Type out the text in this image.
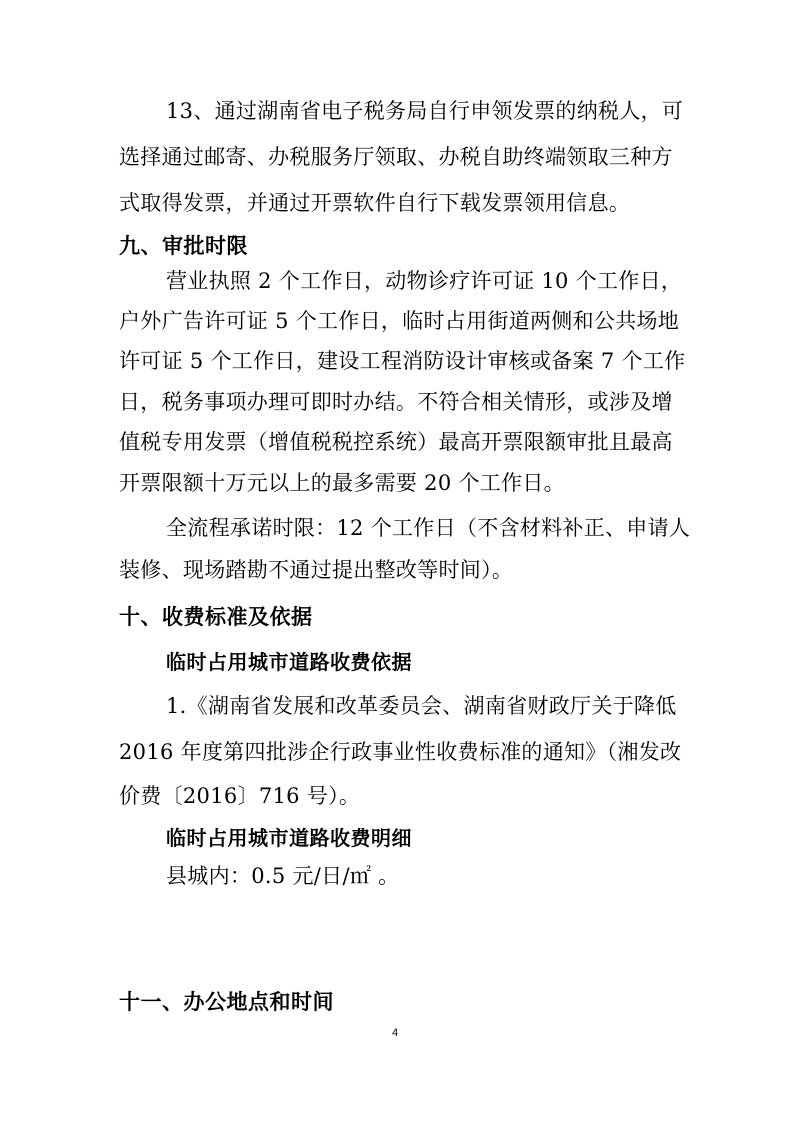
13、通过湖南省电子税务局自行申领发票的纳税人，可
选择通过邮寄、办税服务厅领取、办税自助终端领取三种方
式取得发票，并通过开票软件自行下载发票领用信息。
九、审批时限
营业执照 2 个工作日，动物诊疗许可证 10 个工作日，
户外广告许可证 5 个工作日，临时占用街道两侧和公共场地
许可证 5 个工作日，建设工程消防设计审核或备案 7 个工作
日，税务事项办理可即时办结。不符合相关情形，或涉及增
值税专用发票（增值税税控系统）最高开票限额审批且最高
开票限额十万元以上的最多需要 20 个工作日。
全流程承诺时限：12 个工作日（不含材料补正、申请人
装修、现场踏勘不通过提出整改等时间）。
十、收费标准及依据
临时占用城市道路收费依据
1.《湖南省发展和改革委员会、湖南省财政厅关于降低
2016 年度第四批涉企行政事业性收费标准的通知》（湘发改
价费〔2016〕716 号）。
临时占用城市道路收费明细
县城内：0.5 元/日/㎡ 。
十一、办公地点和时间
4
